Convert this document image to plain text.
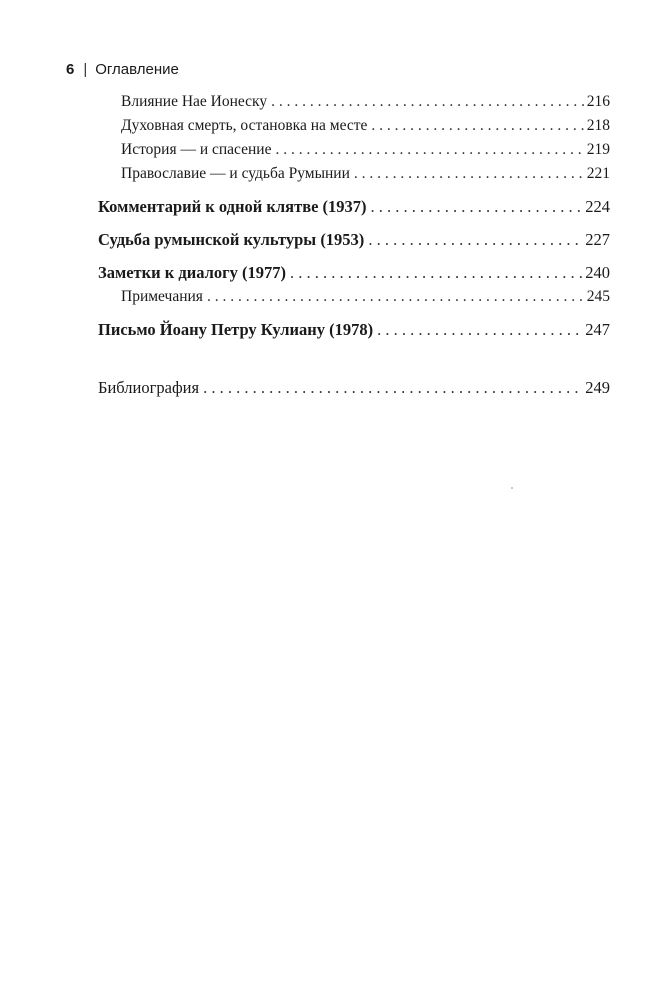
6 | Оглавление
Влияние Нае Ионеску . . .	216
Духовная смерть, остановка на месте . . .	218
История — и спасение . . .	219
Православие — и судьба Румынии . . .	221
Комментарий к одной клятве (1937) . . .	224
Судьба румынской культуры (1953) . . .	227
Заметки к диалогу (1977) . . .	240
Примечания . . .	245
Письмо Йоану Петру Кулиану (1978) . . .	247
Библиография . . .	249
